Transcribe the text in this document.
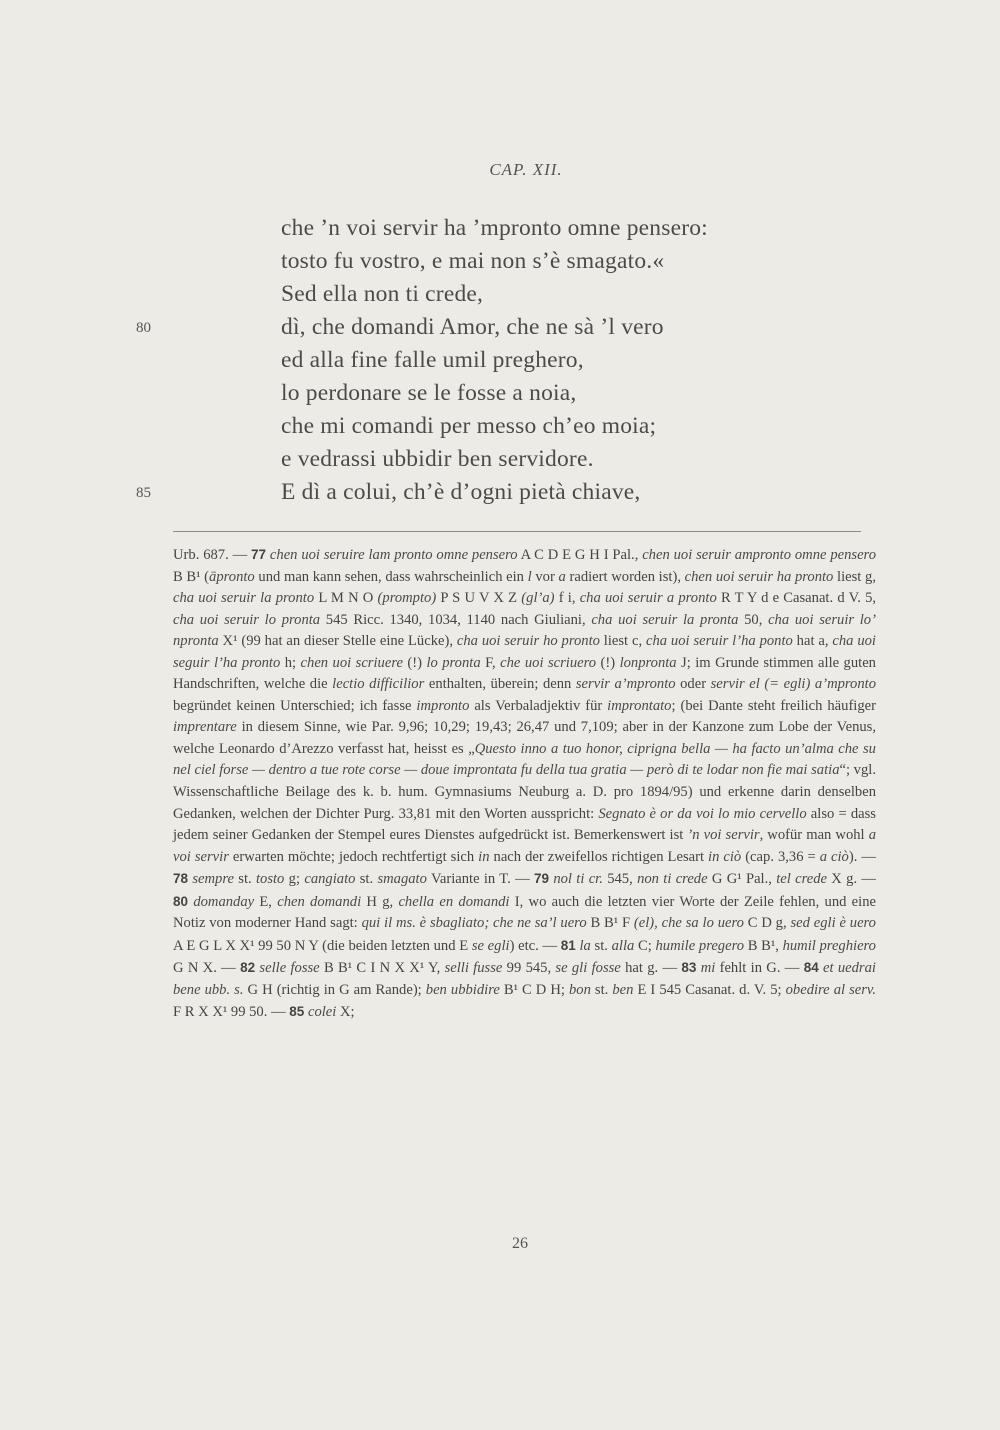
CAP. XII.
che ’n voi servir ha ’mpronto omne pensero:
tosto fu vostro, e mai non s’è smagato.«
Sed ella non ti crede,
80	dì, che domandi Amor, che ne sà ’l vero
ed alla fine falle umil preghero,
lo perdonare se le fosse a noia,
che mi comandi per messo ch’eo moia;
e vedrassi ubbidir ben servidore.
85	E dì a colui, ch’è d’ogni pietà chiave,

Urb. 687. — 77 chen uoi seruire lam pronto omne pensero A C D E G H I Pal., chen uoi seruir ampronto omne pensero B B¹ (āpronto und man kann sehen, dass wahrscheinlich ein l vor a radiert worden ist), chen uoi seruir ha pronto liest g, cha uoi seruir la pronto L M N O (prompto) P S U V X Z (gl’a) f i, cha uoi seruir a pronto R T Y d e Casanat. d V. 5, cha uoi seruir lo pronta 545 Ricc. 1340, 1034, 1140 nach Giuliani, cha uoi seruir la pronta 50, cha uoi seruir lo’ npronta X¹ (99 hat an dieser Stelle eine Lücke), cha uoi seruir ho pronto liest c, cha uoi seruir l’ha ponto hat a, cha uoi seguir l’ha pronto h; chen uoi scriuere (!) lo pronta F, che uoi scriuero (!) lonpronta J; im Grunde stimmen alle guten Handschriften, welche die lectio difficilior enthalten, überein; denn servir a’mpronto oder servir el (= egli) a’mpronto begründet keinen Unterschied; ich fasse impronto als Verbaladjektiv für improntato; (bei Dante steht freilich häufiger imprentare in diesem Sinne, wie Par. 9,96; 10,29; 19,43; 26,47 und 7,109; aber in der Kanzone zum Lobe der Venus, welche Leonardo d’Arezzo verfasst hat, heisst es „Questo inno a tuo honor, ciprigna bella — ha facto un’alma che su nel ciel forse — dentro a tue rote corse — doue improntata fu della tua gratia — però di te lodar non fie mai satia“; vgl. Wissenschaftliche Beilage des k. b. hum. Gymnasiums Neuburg a. D. pro 1894/95) und erkenne darin denselben Gedanken, welchen der Dichter Purg. 33,81 mit den Worten ausspricht: Segnato è or da voi lo mio cervello also = dass jedem seiner Gedanken der Stempel eures Dienstes aufgedrückt ist. Bemerkenswert ist ’n voi servir, wofür man wohl a voi servir erwarten möchte; jedoch rechtfertigt sich in nach der zweifellos richtigen Lesart in ciò (cap. 3,36 = a ciò). — 78 sempre st. tosto g; cangiato st. smagato Variante in T. — 79 nol ti cr. 545, non ti crede G G¹ Pal., tel crede X g. — 80 domanday E, chen domandi H g, chella en domandi I, wo auch die letzten vier Worte der Zeile fehlen, und eine Notiz von moderner Hand sagt: qui il ms. è sbagliato; che ne sa’l uero B B¹ F (el), che sa lo uero C D g, sed egli è uero A E G L X X¹ 99 50 N Y (die beiden letzten und E se egli) etc. — 81 la st. alla C; humile pregero B B¹, humil preghiero G N X. — 82 selle fosse B B¹ C I N X X¹ Y, selli fusse 99 545, se gli fosse hat g. — 83 mi fehlt in G. — 84 et uedrai bene ubb. s. G H (richtig in G am Rande); ben ubbidire B¹ C D H; bon st. ben E I 545 Casanat. d. V. 5; obedire al serv. F R X X¹ 99 50. — 85 colei X;

26
